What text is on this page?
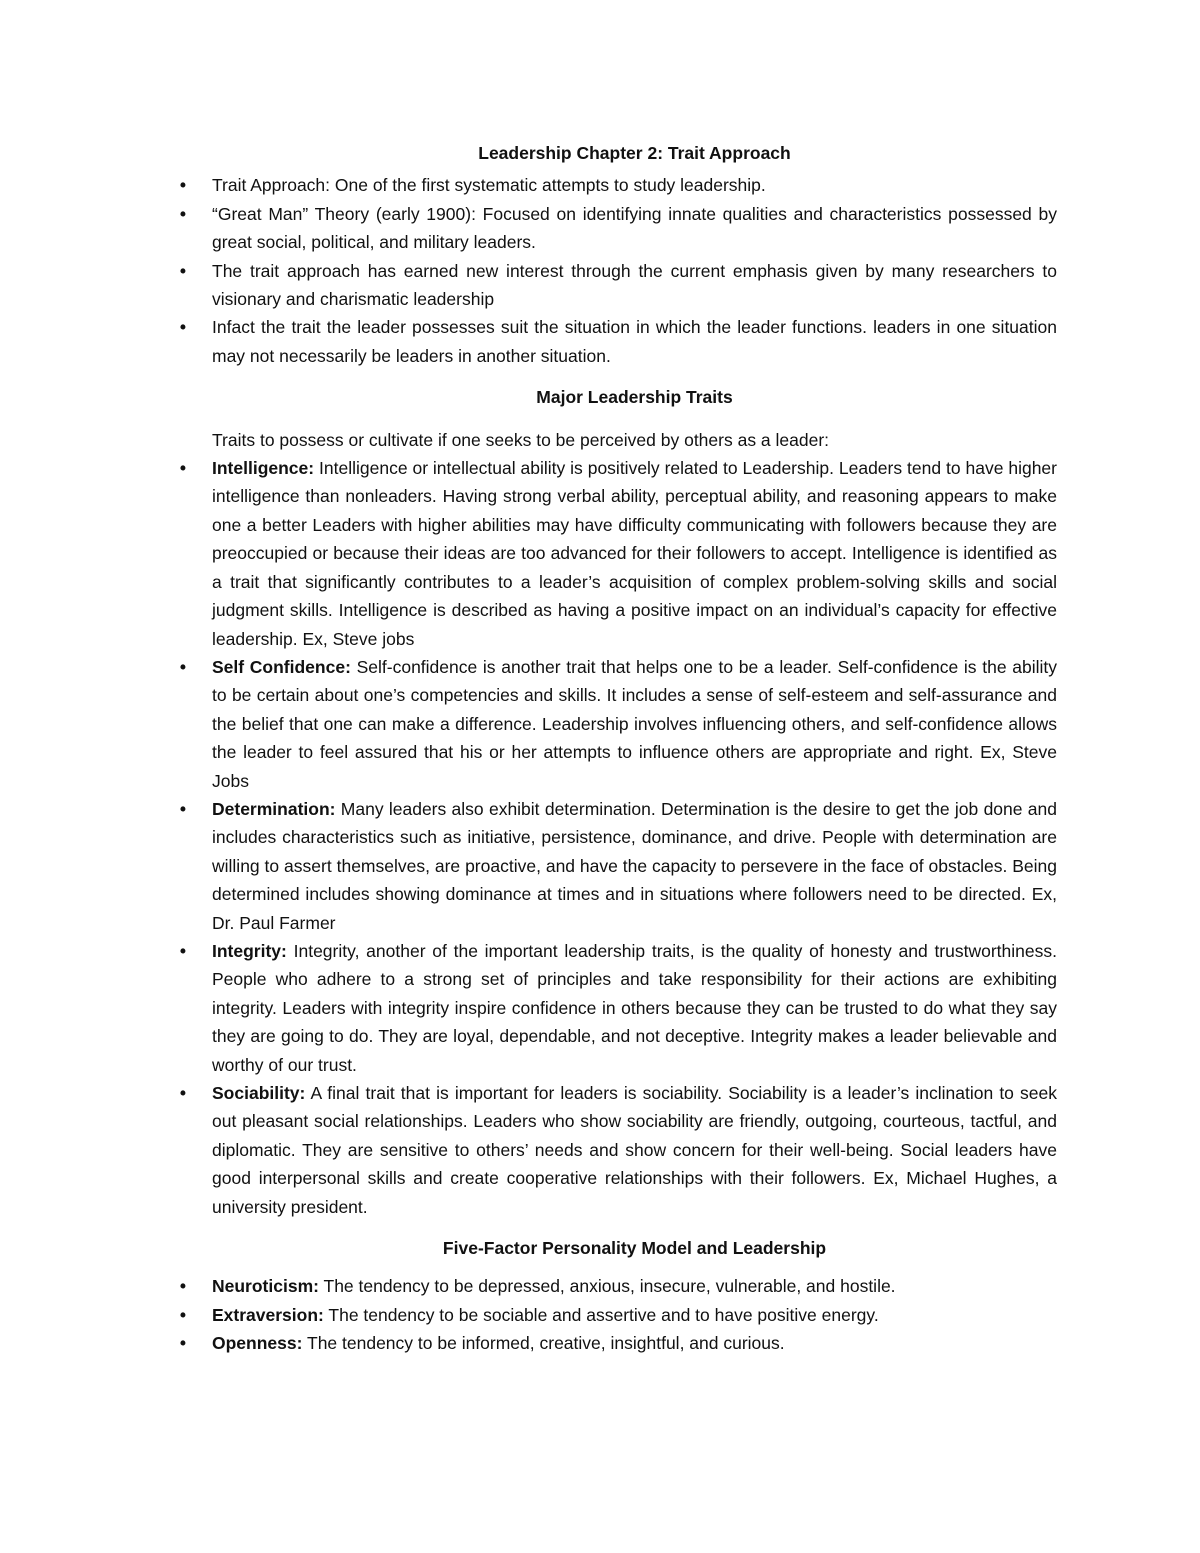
Leadership Chapter 2: Trait Approach
• Trait Approach: One of the first systematic attempts to study leadership.
• “Great Man” Theory (early 1900): Focused on identifying innate qualities and characteristics possessed by great social, political, and military leaders.
• The trait approach has earned new interest through the current emphasis given by many researchers to visionary and charismatic leadership
• Infact the trait the leader possesses suit the situation in which the leader functions. leaders in one situation may not necessarily be leaders in another situation.
Major Leadership Traits

Traits to possess or cultivate if one seeks to be perceived by others as a leader:

• Intelligence: Intelligence or intellectual ability is positively related to Leadership. Leaders tend to have higher intelligence than nonleaders. Having strong verbal ability, perceptual ability, and reasoning appears to make one a better Leaders with higher abilities may have difficulty communicating with followers because they are preoccupied or because their ideas are too advanced for their followers to accept. Intelligence is identified as a trait that significantly contributes to a leader’s acquisition of complex problem-solving skills and social judgment skills. Intelligence is described as having a positive impact on an individual’s capacity for effective leadership. Ex, Steve jobs
• Self Confidence: Self-confidence is another trait that helps one to be a leader. Self-confidence is the ability to be certain about one’s competencies and skills. It includes a sense of self-esteem and self-assurance and the belief that one can make a difference. Leadership involves influencing others, and self-confidence allows the leader to feel assured that his or her attempts to influence others are appropriate and right. Ex, Steve Jobs
• Determination: Many leaders also exhibit determination. Determination is the desire to get the job done and includes characteristics such as initiative, persistence, dominance, and drive. People with determination are willing to assert themselves, are proactive, and have the capacity to persevere in the face of obstacles. Being determined includes showing dominance at times and in situations where followers need to be directed. Ex, Dr. Paul Farmer
• Integrity: Integrity, another of the important leadership traits, is the quality of honesty and trustworthiness. People who adhere to a strong set of principles and take responsibility for their actions are exhibiting integrity. Leaders with integrity inspire confidence in others because they can be trusted to do what they say they are going to do. They are loyal, dependable, and not deceptive. Integrity makes a leader believable and worthy of our trust.
• Sociability: A final trait that is important for leaders is sociability. Sociability is a leader’s inclination to seek out pleasant social relationships. Leaders who show sociability are friendly, outgoing, courteous, tactful, and diplomatic. They are sensitive to others’ needs and show concern for their well-being. Social leaders have good interpersonal skills and create cooperative relationships with their followers. Ex, Michael Hughes, a university president.
Five-Factor Personality Model and Leadership
• Neuroticism: The tendency to be depressed, anxious, insecure, vulnerable, and hostile.
• Extraversion: The tendency to be sociable and assertive and to have positive energy.
• Openness: The tendency to be informed, creative, insightful, and curious.
